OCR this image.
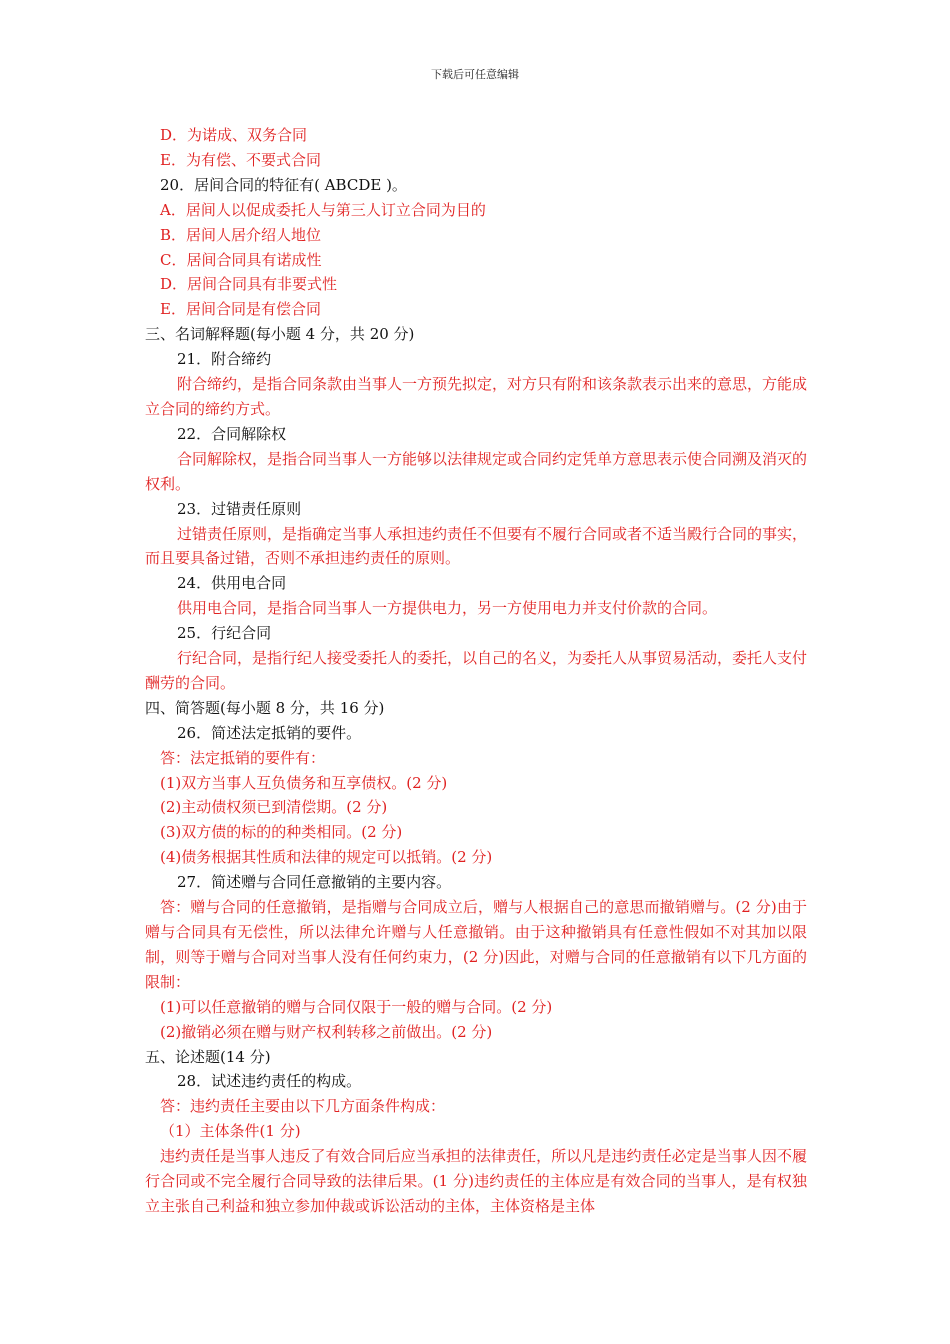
下载后可任意编辑
D．为诺成、双务合同
E．为有偿、不要式合同
20．居间合同的特征有( ABCDE )。
A．居间人以促成委托人与第三人订立合同为目的
B．居间人居介绍人地位
C．居间合同具有诺成性
D．居间合同具有非要式性
E．居间合同是有偿合同
三、名词解释题(每小题 4 分，共 20 分)
21．附合缔约
附合缔约，是指合同条款由当事人一方预先拟定，对方只有附和该条款表示出来的意思，方能成立合同的缔约方式。
22．合同解除权
合同解除权，是指合同当事人一方能够以法律规定或合同约定凭单方意思表示使合同溯及消灭的权利。
23．过错责任原则
过错责任原则，是指确定当事人承担违约责任不但要有不履行合同或者不适当殿行合同的事实，而且要具备过错，否则不承担违约责任的原则。
24．供用电合同
供用电合同，是指合同当事人一方提供电力，另一方使用电力并支付价款的合同。
25．行纪合同
行纪合同，是指行纪人接受委托人的委托，以自己的名义，为委托人从事贸易活动，委托人支付酬劳的合同。
四、简答题(每小题 8 分，共 16 分)
26．简述法定抵销的要件。
答：法定抵销的要件有：
(1)双方当事人互负债务和互享债权。(2 分)
(2)主动债权须已到清偿期。(2 分)
(3)双方债的标的的种类相同。(2 分)
(4)债务根据其性质和法律的规定可以抵销。(2 分)
27．简述赠与合同任意撤销的主要内容。
答：赠与合同的任意撤销，是指赠与合同成立后，赠与人根据自己的意思而撤销赠与。(2 分)由于赠与合同具有无偿性，所以法律允许赠与人任意撤销。由于这种撤销具有任意性假如不对其加以限制，则等于赠与合同对当事人没有任何约束力，(2 分)因此，对赠与合同的任意撤销有以下几方面的限制：
(1)可以任意撤销的赠与合同仅限于一般的赠与合同。(2 分)
(2)撤销必须在赠与财产权利转移之前做出。(2 分)
五、论述题(14 分)
28．试述违约责任的构成。
答：违约责任主要由以下几方面条件构成：
（1）主体条件(1 分)
违约责任是当事人违反了有效合同后应当承担的法律责任，所以凡是违约责任必定是当事人因不履行合同或不完全履行合同导致的法律后果。(1 分)违约责任的主体应是有效合同的当事人，是有权独立主张自己利益和独立参加仲裁或诉讼活动的主体，主体资格是主体
